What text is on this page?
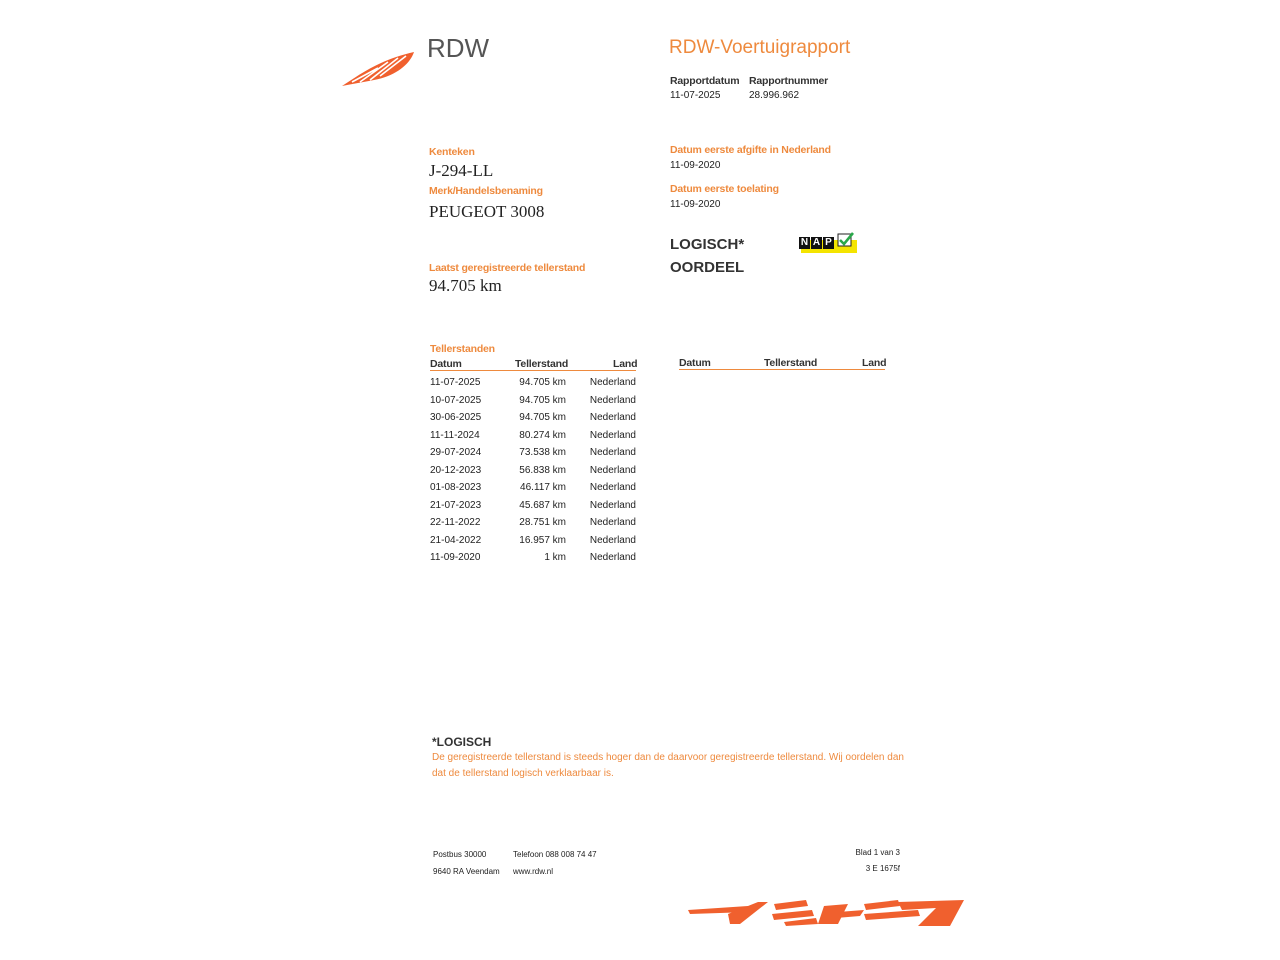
RDW	RDW-Voertuigrapport
Rapportdatum
11-07-2025
Rapportnummer
28.996.962
Kenteken
J-294-LL
Merk/Handelsbenaming
PEUGEOT 3008
Laatst geregistreerde tellerstand
94.705 km
Datum eerste afgifte in Nederland
11-09-2020
Datum eerste toelating
11-09-2020
LOGISCH*
OORDEEL
N A P
Tellerstanden
Datum	Tellerstand	Land	Datum	Tellerstand	Land
11-07-2025	94.705 km	Nederland
10-07-2025	94.705 km	Nederland
30-06-2025	94.705 km	Nederland
11-11-2024	80.274 km	Nederland
29-07-2024	73.538 km	Nederland
20-12-2023	56.838 km	Nederland
01-08-2023	46.117 km	Nederland
21-07-2023	45.687 km	Nederland
22-11-2022	28.751 km	Nederland
21-04-2022	16.957 km	Nederland
11-09-2020	1 km	Nederland
*LOGISCH
De geregistreerde tellerstand is steeds hoger dan de daarvoor geregistreerde tellerstand. Wij oordelen dan
dat de tellerstand logisch verklaarbaar is.
Postbus 30000
9640 RA Veendam
Telefoon 088 008 74 47
www.rdw.nl
Blad 1 van 3
3 E 1675f
